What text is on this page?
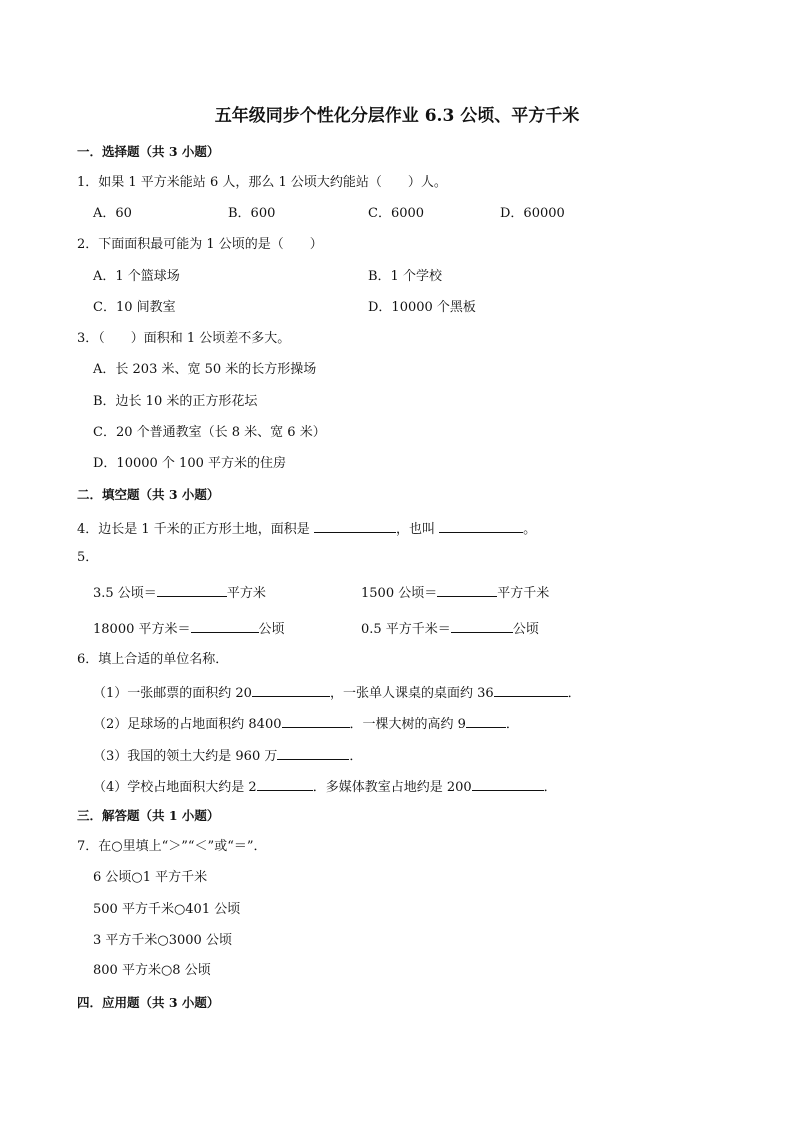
五年级同步个性化分层作业 6.3 公顷、平方千米
一．选择题（共 3 小题）
1．如果 1 平方米能站 6 人，那么 1 公顷大约能站（　　）人。
A．60	B．600	C．6000	D．60000
2．下面面积最可能为 1 公顷的是（　　）
A．1 个篮球场	B．1 个学校
C．10 间教室	D．10000 个黑板
3．（　　）面积和 1 公顷差不多大。
A．长 203 米、宽 50 米的长方形操场
B．边长 10 米的正方形花坛
C．20 个普通教室（长 8 米、宽 6 米）
D．10000 个 100 平方米的住房
二．填空题（共 3 小题）
4．边长是 1 千米的正方形土地，面积是	，也叫	。
5．
3.5 公顷＝	平方米	1500 公顷＝	平方千米
18000 平方米＝	公顷	0.5 平方千米＝	公顷
6．填上合适的单位名称．
（1）一张邮票的面积约 20	，一张单人课桌的桌面约 36	．
（2）足球场的占地面积约 8400	．一棵大树的高约 9	．
（3）我国的领土大约是 960 万	．
（4）学校占地面积大约是 2	．多媒体教室占地约是 200	．
三．解答题（共 1 小题）
7．在○里填上“＞”“＜”或“＝”．
6 公顷○1 平方千米
500 平方千米○401 公顷
3 平方千米○3000 公顷
800 平方米○8 公顷
四．应用题（共 3 小题）
